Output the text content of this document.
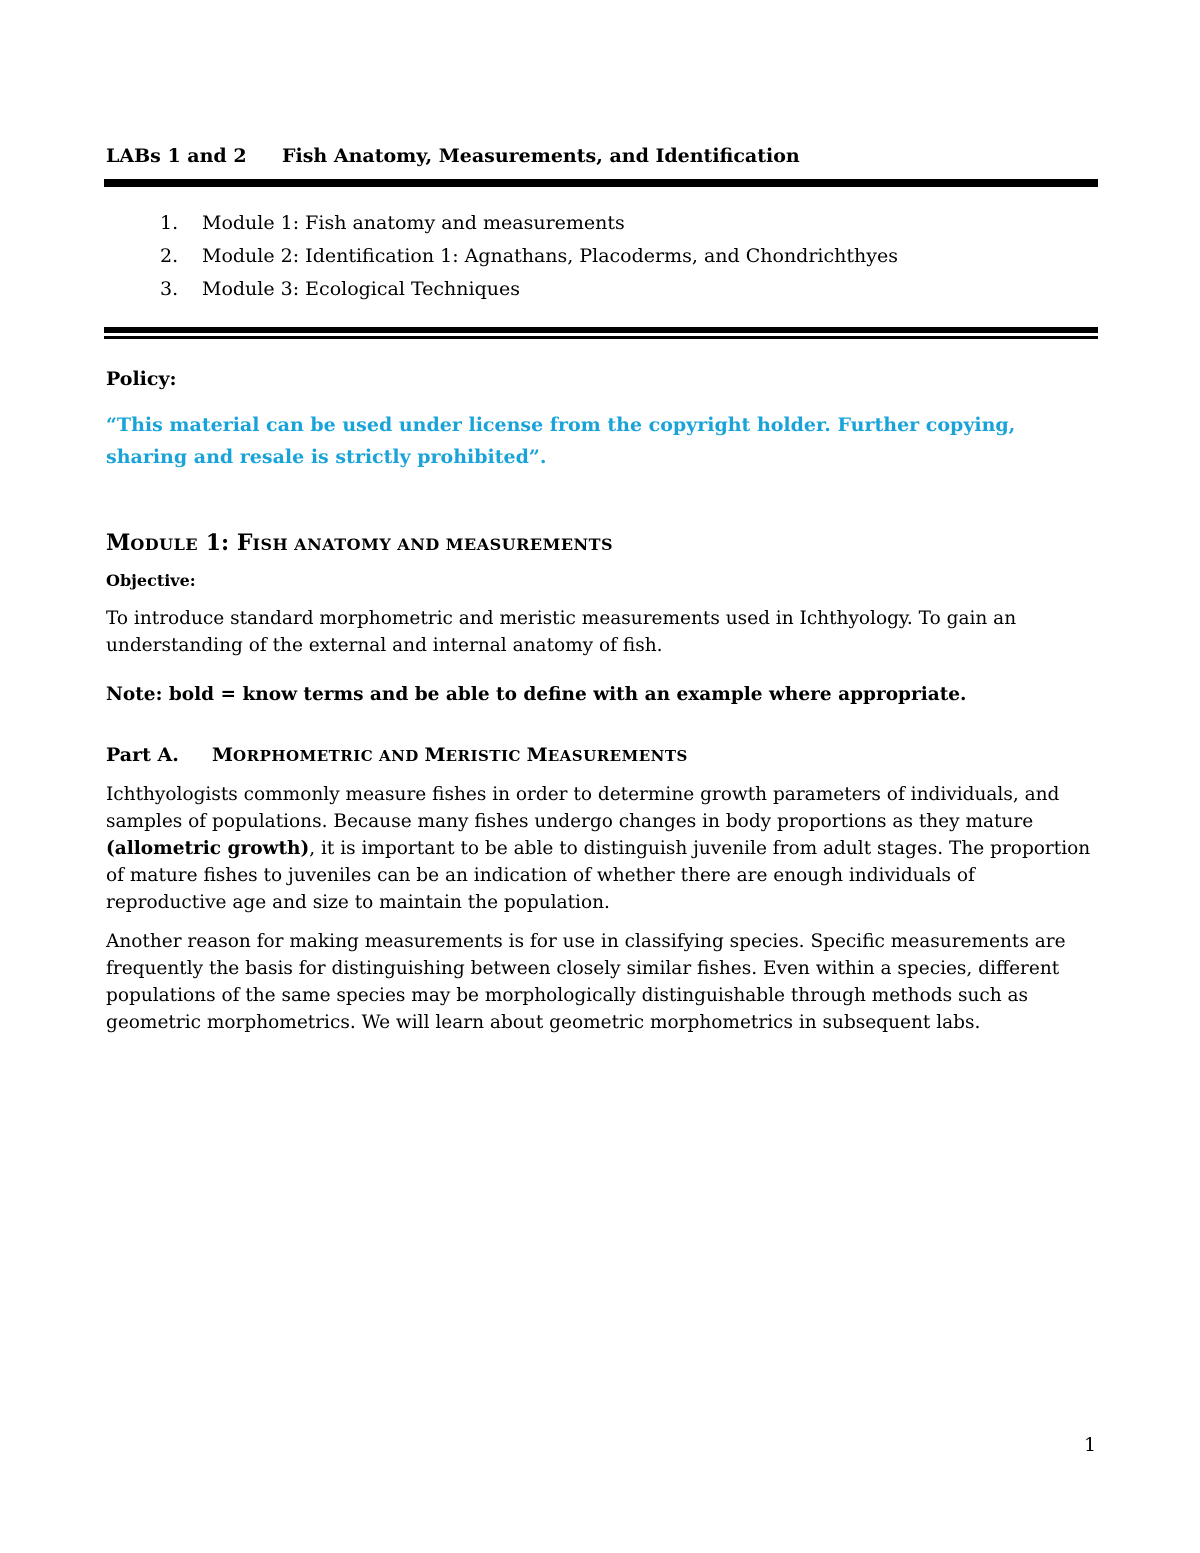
LABs 1 and 2 Fish Anatomy, Measurements, and Identification
1. Module 1: Fish anatomy and measurements
2. Module 2: Identification 1: Agnathans, Placoderms, and Chondrichthyes
3. Module 3: Ecological Techniques
Policy:
“This material can be used under license from the copyright holder. Further copying, sharing and resale is strictly prohibited”.
MODULE 1: FISH ANATOMY AND MEASUREMENTS
Objective:
To introduce standard morphometric and meristic measurements used in Ichthyology. To gain an understanding of the external and internal anatomy of fish.
Note: bold = know terms and be able to define with an example where appropriate.
Part A. MORPHOMETRIC AND MERISTIC MEASUREMENTS
Ichthyologists commonly measure fishes in order to determine growth parameters of individuals, and samples of populations. Because many fishes undergo changes in body proportions as they mature (allometric growth), it is important to be able to distinguish juvenile from adult stages. The proportion of mature fishes to juveniles can be an indication of whether there are enough individuals of reproductive age and size to maintain the population.
Another reason for making measurements is for use in classifying species. Specific measurements are frequently the basis for distinguishing between closely similar fishes. Even within a species, different populations of the same species may be morphologically distinguishable through methods such as geometric morphometrics. We will learn about geometric morphometrics in subsequent labs.
1
